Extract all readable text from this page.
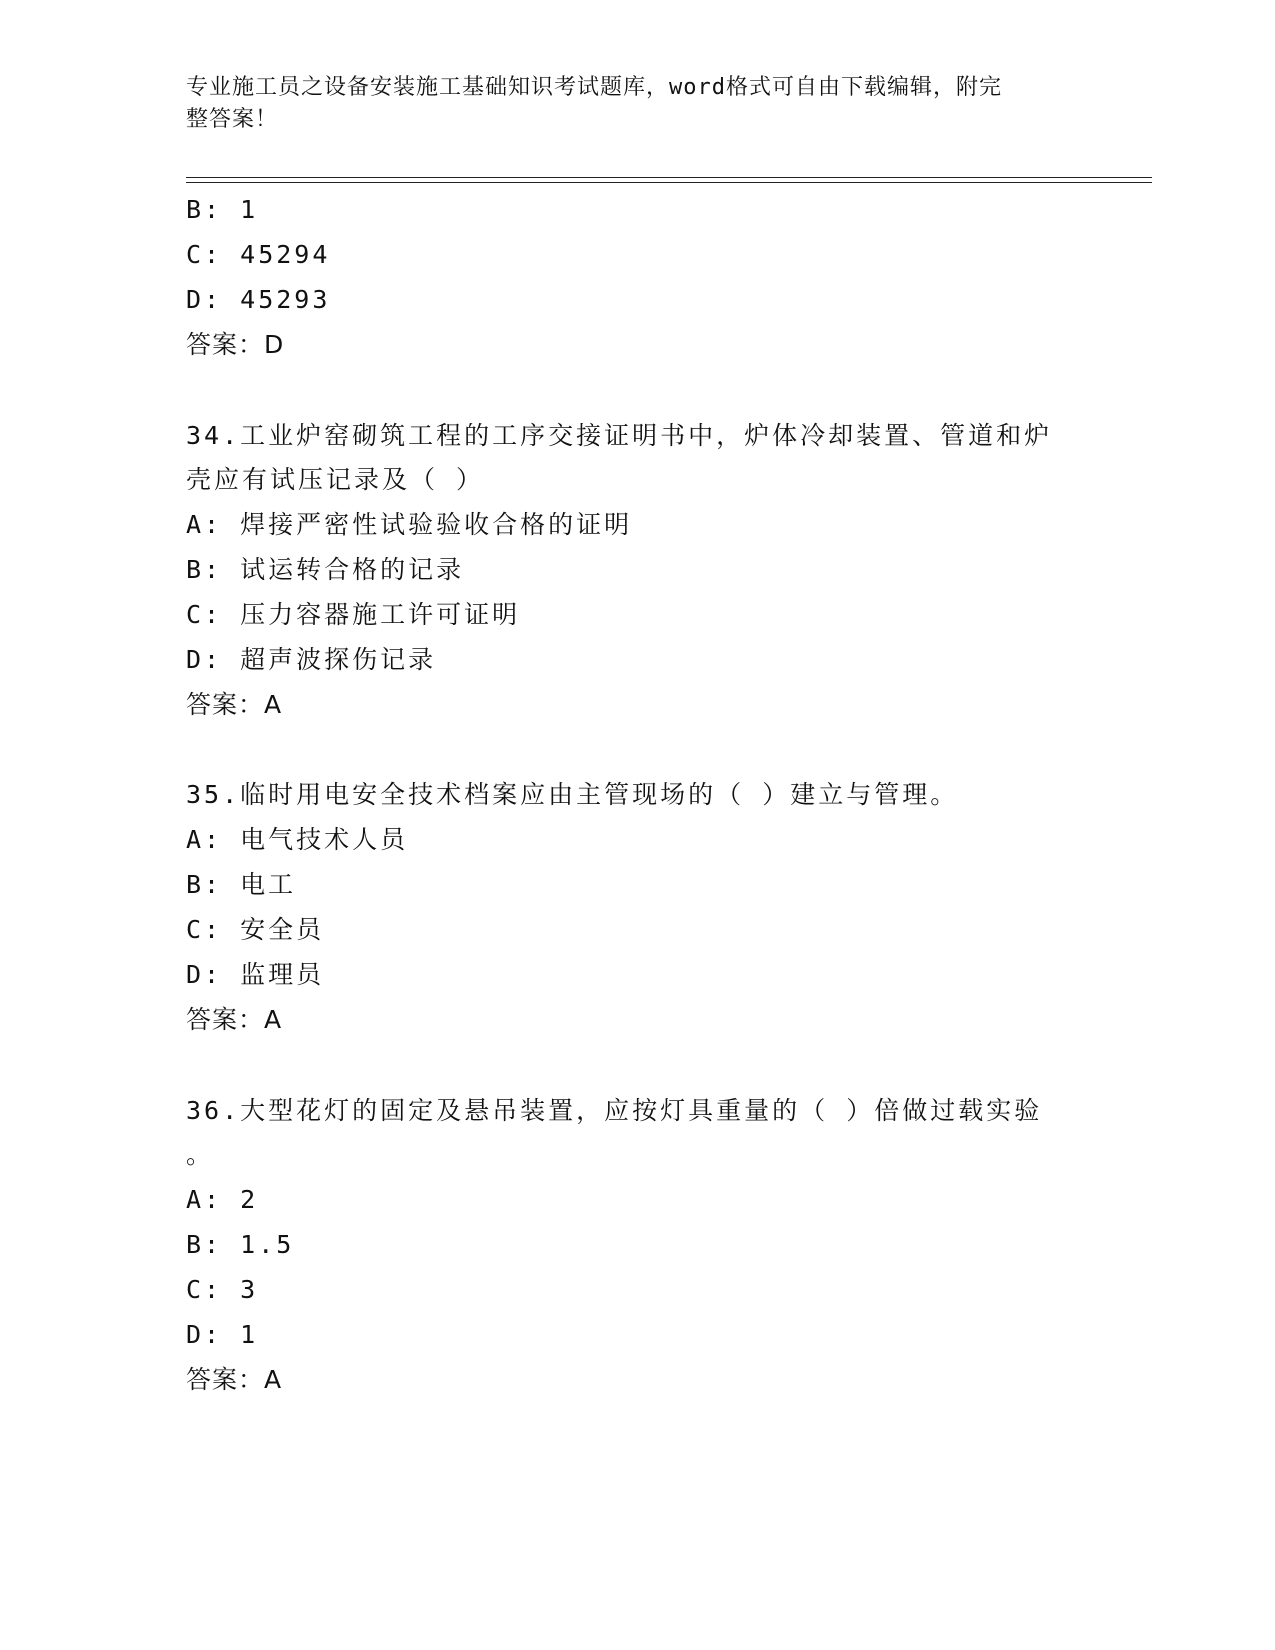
专业施工员之设备安装施工基础知识考试题库，word格式可自由下载编辑，附完
整答案！
B: 1
C: 45294
D: 45293
答案：D
34.工业炉窑砌筑工程的工序交接证明书中，炉体冷却装置、管道和炉
壳应有试压记录及（ ）
A: 焊接严密性试验验收合格的证明
B: 试运转合格的记录
C: 压力容器施工许可证明
D: 超声波探伤记录
答案：A
35.临时用电安全技术档案应由主管现场的（ ）建立与管理。
A: 电气技术人员
B: 电工
C: 安全员
D: 监理员
答案：A
36.大型花灯的固定及悬吊装置，应按灯具重量的（ ）倍做过载实验
。
A: 2
B: 1.5
C: 3
D: 1
答案：A
